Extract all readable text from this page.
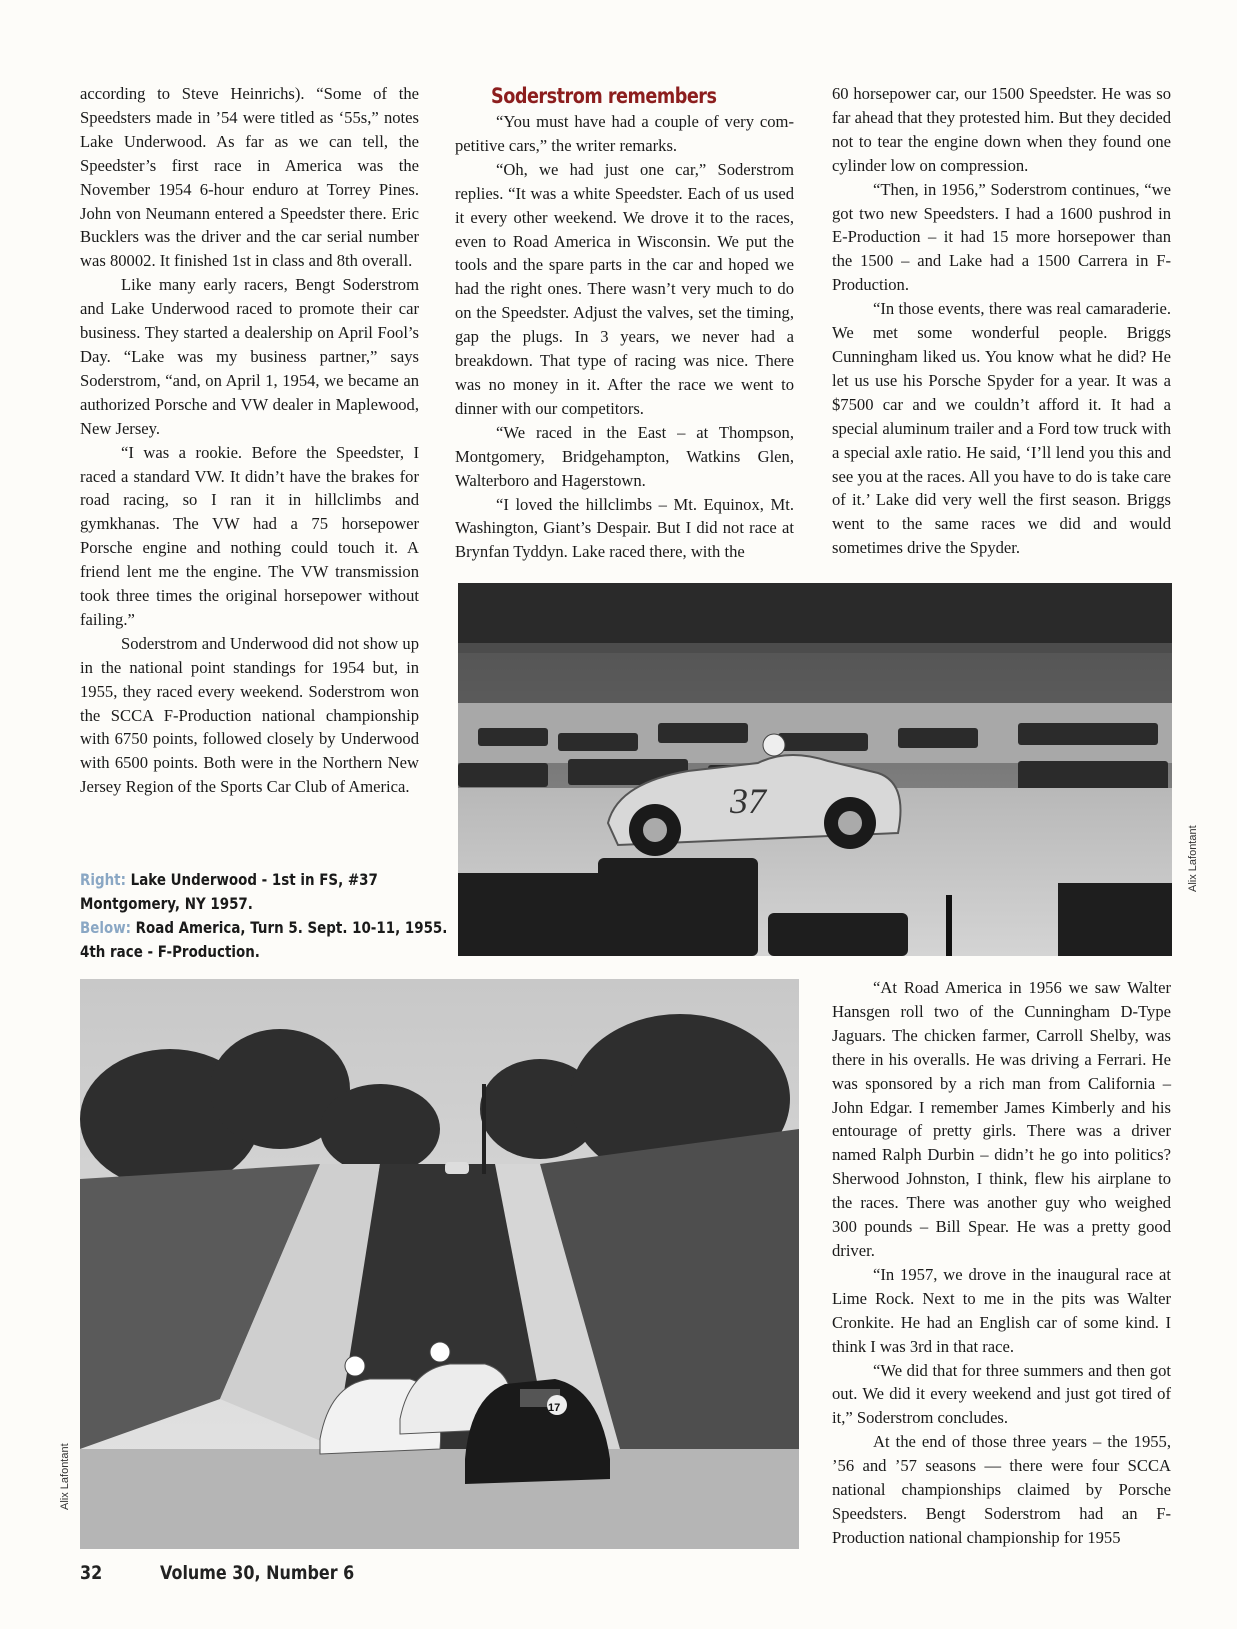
according to Steve Heinrichs). “Some of the Speedsters made in ’54 were titled as ‘55s,” notes Lake Underwood. As far as we can tell, the Speedster’s first race in America was the November 1954 6-hour enduro at Torrey Pines. John von Neumann entered a Speedster there. Eric Bucklers was the driver and the car serial number was 80002. It finished 1st in class and 8th overall.

Like many early racers, Bengt Soderstrom and Lake Underwood raced to promote their car business. They started a dealership on April Fool’s Day. “Lake was my business partner,” says Soderstrom, “and, on April 1, 1954, we became an authorized Porsche and VW dealer in Maplewood, New Jersey.

“I was a rookie. Before the Speedster, I raced a standard VW. It didn’t have the brakes for road racing, so I ran it in hillclimbs and gymkhanas. The VW had a 75 horsepower Porsche engine and nothing could touch it. A friend lent me the engine. The VW transmission took three times the original horsepower without failing.”

Soderstrom and Underwood did not show up in the national point standings for 1954 but, in 1955, they raced every weekend. Soderstrom won the SCCA F-Production national championship with 6750 points, followed closely by Underwood with 6500 points. Both were in the Northern New Jersey Region of the Sports Car Club of America.

Soderstrom remembers

“You must have had a couple of very competitive cars,” the writer remarks.

“Oh, we had just one car,” Soderstrom replies. “It was a white Speedster. Each of us used it every other weekend. We drove it to the races, even to Road America in Wisconsin. We put the tools and the spare parts in the car and hoped we had the right ones. There wasn’t very much to do on the Speedster. Adjust the valves, set the timing, gap the plugs. In 3 years, we never had a breakdown. That type of racing was nice. There was no money in it. After the race we went to dinner with our competitors.

“We raced in the East – at Thompson, Montgomery, Bridgehampton, Watkins Glen, Walterboro and Hagerstown.

“I loved the hillclimbs – Mt. Equinox, Mt. Washington, Giant’s Despair. But I did not race at Brynfan Tyddyn. Lake raced there, with the

60 horsepower car, our 1500 Speedster. He was so far ahead that they protested him. But they decided not to tear the engine down when they found one cylinder low on compression.

“Then, in 1956,” Soderstrom continues, “we got two new Speedsters. I had a 1600 pushrod in E-Production – it had 15 more horsepower than the 1500 – and Lake had a 1500 Carrera in F-Production.

“In those events, there was real camaraderie. We met some wonderful people. Briggs Cunningham liked us. You know what he did? He let us use his Porsche Spyder for a year. It was a $7500 car and we couldn’t afford it. It had a special aluminum trailer and a Ford tow truck with a special axle ratio. He said, ‘I’ll lend you this and see you at the races. All you have to do is take care of it.’ Lake did very well the first season. Briggs went to the same races we did and would sometimes drive the Spyder.

“At Road America in 1956 we saw Walter Hansgen roll two of the Cunningham D-Type Jaguars. The chicken farmer, Carroll Shelby, was there in his overalls. He was driving a Ferrari. He was sponsored by a rich man from California – John Edgar. I remember James Kimberly and his entourage of pretty girls. There was a driver named Ralph Durbin – didn’t he go into politics? Sherwood Johnston, I think, flew his airplane to the races. There was another guy who weighed 300 pounds – Bill Spear. He was a pretty good driver.

“In 1957, we drove in the inaugural race at Lime Rock. Next to me in the pits was Walter Cronkite. He had an English car of some kind. I think I was 3rd in that race.

“We did that for three summers and then got out. We did it every weekend and just got tired of it,” Soderstrom concludes.

At the end of those three years – the 1955, ’56 and ’57 seasons — there were four SCCA national championships claimed by Porsche Speedsters. Bengt Soderstrom had an F-Production national championship for 1955

Right: Lake Underwood - 1st in FS, #37
Montgomery, NY 1957.
Below: Road America, Turn 5. Sept. 10-11, 1955.
4th race - F-Production.
37
Alix Lafontant
17
Alix Lafontant
32	Volume 30, Number 6
